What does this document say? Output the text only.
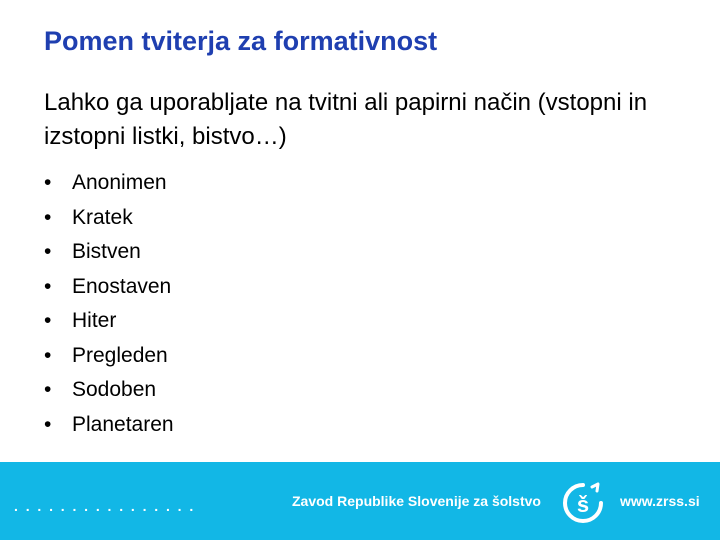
Pomen tviterja za formativnost
Lahko ga uporabljate na tvitni ali papirni način (vstopni in izstopni listki, bistvo…)
• Anonimen
• Kratek
• Bistven
• Enostaven
• Hiter
• Pregleden
• Sodoben
• Planetaren
................	Zavod Republike Slovenije za šolstvo š www.zrss.si
